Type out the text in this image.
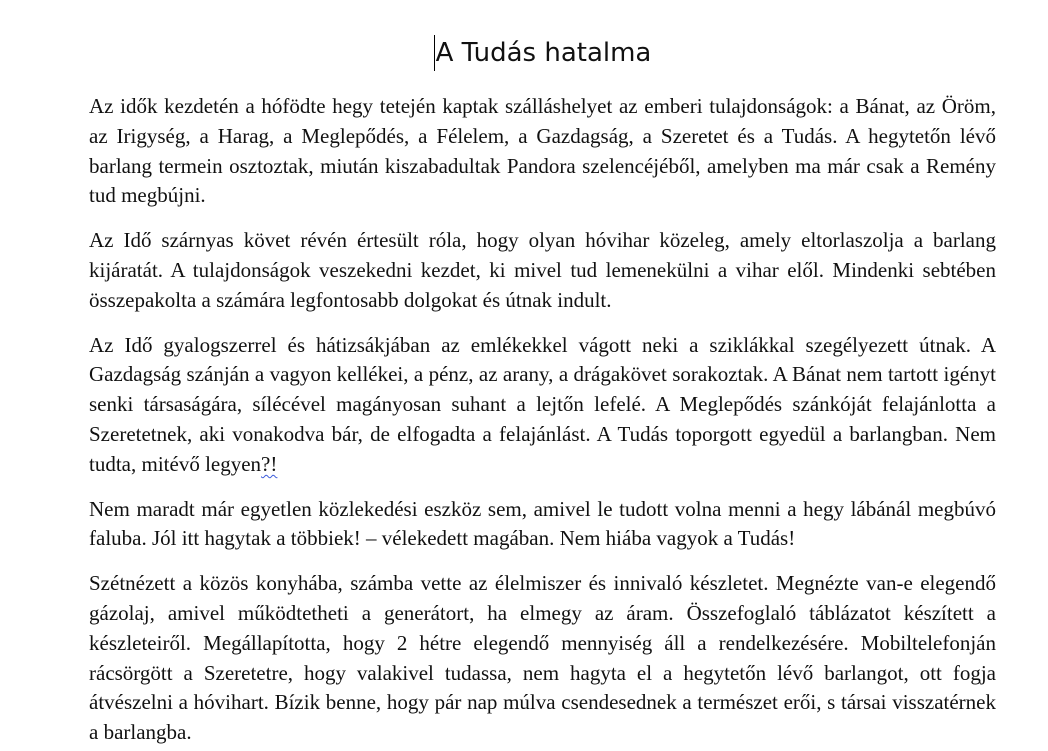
A Tudás hatalma

Az idők kezdetén a hófödte hegy tetején kaptak szálláshelyet az emberi tulajdonságok: a Bánat, az Öröm, az Irigység, a Harag, a Meglepődés, a Félelem, a Gazdagság, a Szeretet és a Tudás. A hegytetőn lévő barlang termein osztoztak, miután kiszabadultak Pandora szelencéjéből, amelyben ma már csak a Remény tud megbújni.

Az Idő szárnyas követ révén értesült róla, hogy olyan hóvihar közeleg, amely eltorlaszolja a barlang kijáratát. A tulajdonságok veszekedni kezdet, ki mivel tud lemenekülni a vihar elől. Mindenki sebtében összepakolta a számára legfontosabb dolgokat és útnak indult.

Az Idő gyalogszerrel és hátizsákjában az emlékekkel vágott neki a sziklákkal szegélyezett útnak. A Gazdagság szánján a vagyon kellékei, a pénz, az arany, a drágakövet sorakoztak. A Bánat nem tartott igényt senki társaságára, sílécével magányosan suhant a lejtőn lefelé. A Meglepődés szánkóját felajánlotta a Szeretetnek, aki vonakodva bár, de elfogadta a felajánlást. A Tudás toporgott egyedül a barlangban. Nem tudta, mitévő legyen?!

Nem maradt már egyetlen közlekedési eszköz sem, amivel le tudott volna menni a hegy lábánál megbúvó faluba. Jól itt hagytak a többiek! – vélekedett magában. Nem hiába vagyok a Tudás!

Szétnézett a közös konyhába, számba vette az élelmiszer és innivaló készletet. Megnézte van-e elegendő gázolaj, amivel működtetheti a generátort, ha elmegy az áram. Összefoglaló táblázatot készített a készleteiről. Megállapította, hogy 2 hétre elegendő mennyiség áll a rendelkezésére. Mobiltelefonján rácsörgött a Szeretetre, hogy valakivel tudassa, nem hagyta el a hegytetőn lévő barlangot, ott fogja átvészelni a hóvihart. Bízik benne, hogy pár nap múlva csendesednek a természet erői, s társai visszatérnek a barlangba.
